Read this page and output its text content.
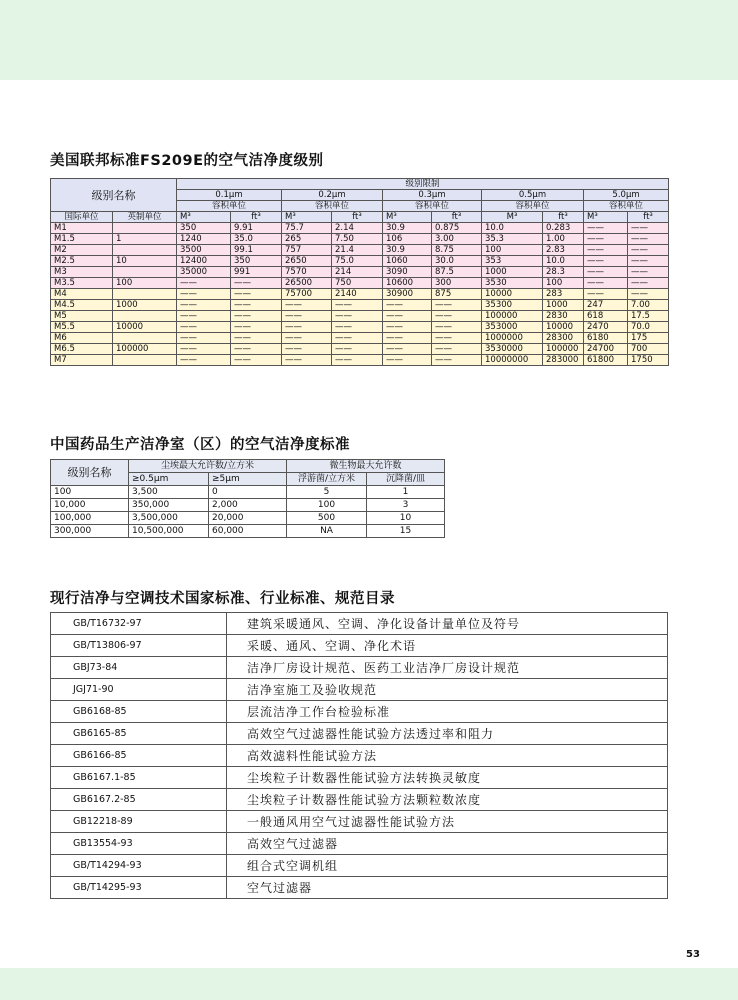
美国联邦标准FS209E的空气洁净度级别
级别名称		级别限制									
		0.1μm		0.2μm		0.3μm		0.5μm		5.0μm	
		容积单位		容积单位		容积单位		容积单位		容积单位	
国际单位	英制单位	M³	ft³	M³	ft³	M³	ft³	M³	ft³	M³	ft³
M1		350	9.91	75.7	2.14	30.9	0.875	10.0	0.283	——	——
M1.5	1	1240	35.0	265	7.50	106	3.00	35.3	1.00	——	——
M2		3500	99.1	757	21.4	30.9	8.75	100	2.83	——	——
M2.5	10	12400	350	2650	75.0	1060	30.0	353	10.0	——	——
M3		35000	991	7570	214	3090	87.5	1000	28.3	——	——
M3.5	100	——	——	26500	750	10600	300	3530	100	——	——
M4		——	——	75700	2140	30900	875	10000	283	——	——
M4.5	1000	——	——	——	——	——	——	35300	1000	247	7.00
M5		——	——	——	——	——	——	100000	2830	618	17.5
M5.5	10000	——	——	——	——	——	——	353000	10000	2470	70.0
M6		——	——	——	——	——	——	1000000	28300	6180	175
M6.5	100000	——	——	——	——	——	——	3530000	100000	24700	700
M7		——	——	——	——	——	——	10000000	283000	61800	1750
中国药品生产洁净室（区）的空气洁净度标准
级别名称	尘埃最大允许数/立方米		微生物最大允许数	
	≥0.5μm	≥5μm	浮游菌/立方米	沉降菌/皿
100	3,500	0	5	1
10,000	350,000	2,000	100	3
100,000	3,500,000	20,000	500	10
300,000	10,500,000	60,000	NA	15
现行洁净与空调技术国家标准、行业标准、规范目录
GB/T16732-97	建筑采暖通风、空调、净化设备计量单位及符号
GB/T13806-97	采暖、通风、空调、净化术语
GBJ73-84	洁净厂房设计规范、医药工业洁净厂房设计规范
JGJ71-90	洁净室施工及验收规范
GB6168-85	层流洁净工作台检验标准
GB6165-85	高效空气过滤器性能试验方法透过率和阻力
GB6166-85	高效滤料性能试验方法
GB6167.1-85	尘埃粒子计数器性能试验方法转换灵敏度
GB6167.2-85	尘埃粒子计数器性能试验方法颗粒数浓度
GB12218-89	一般通风用空气过滤器性能试验方法
GB13554-93	高效空气过滤器
GB/T14294-93	组合式空调机组
GB/T14295-93	空气过滤器
53
